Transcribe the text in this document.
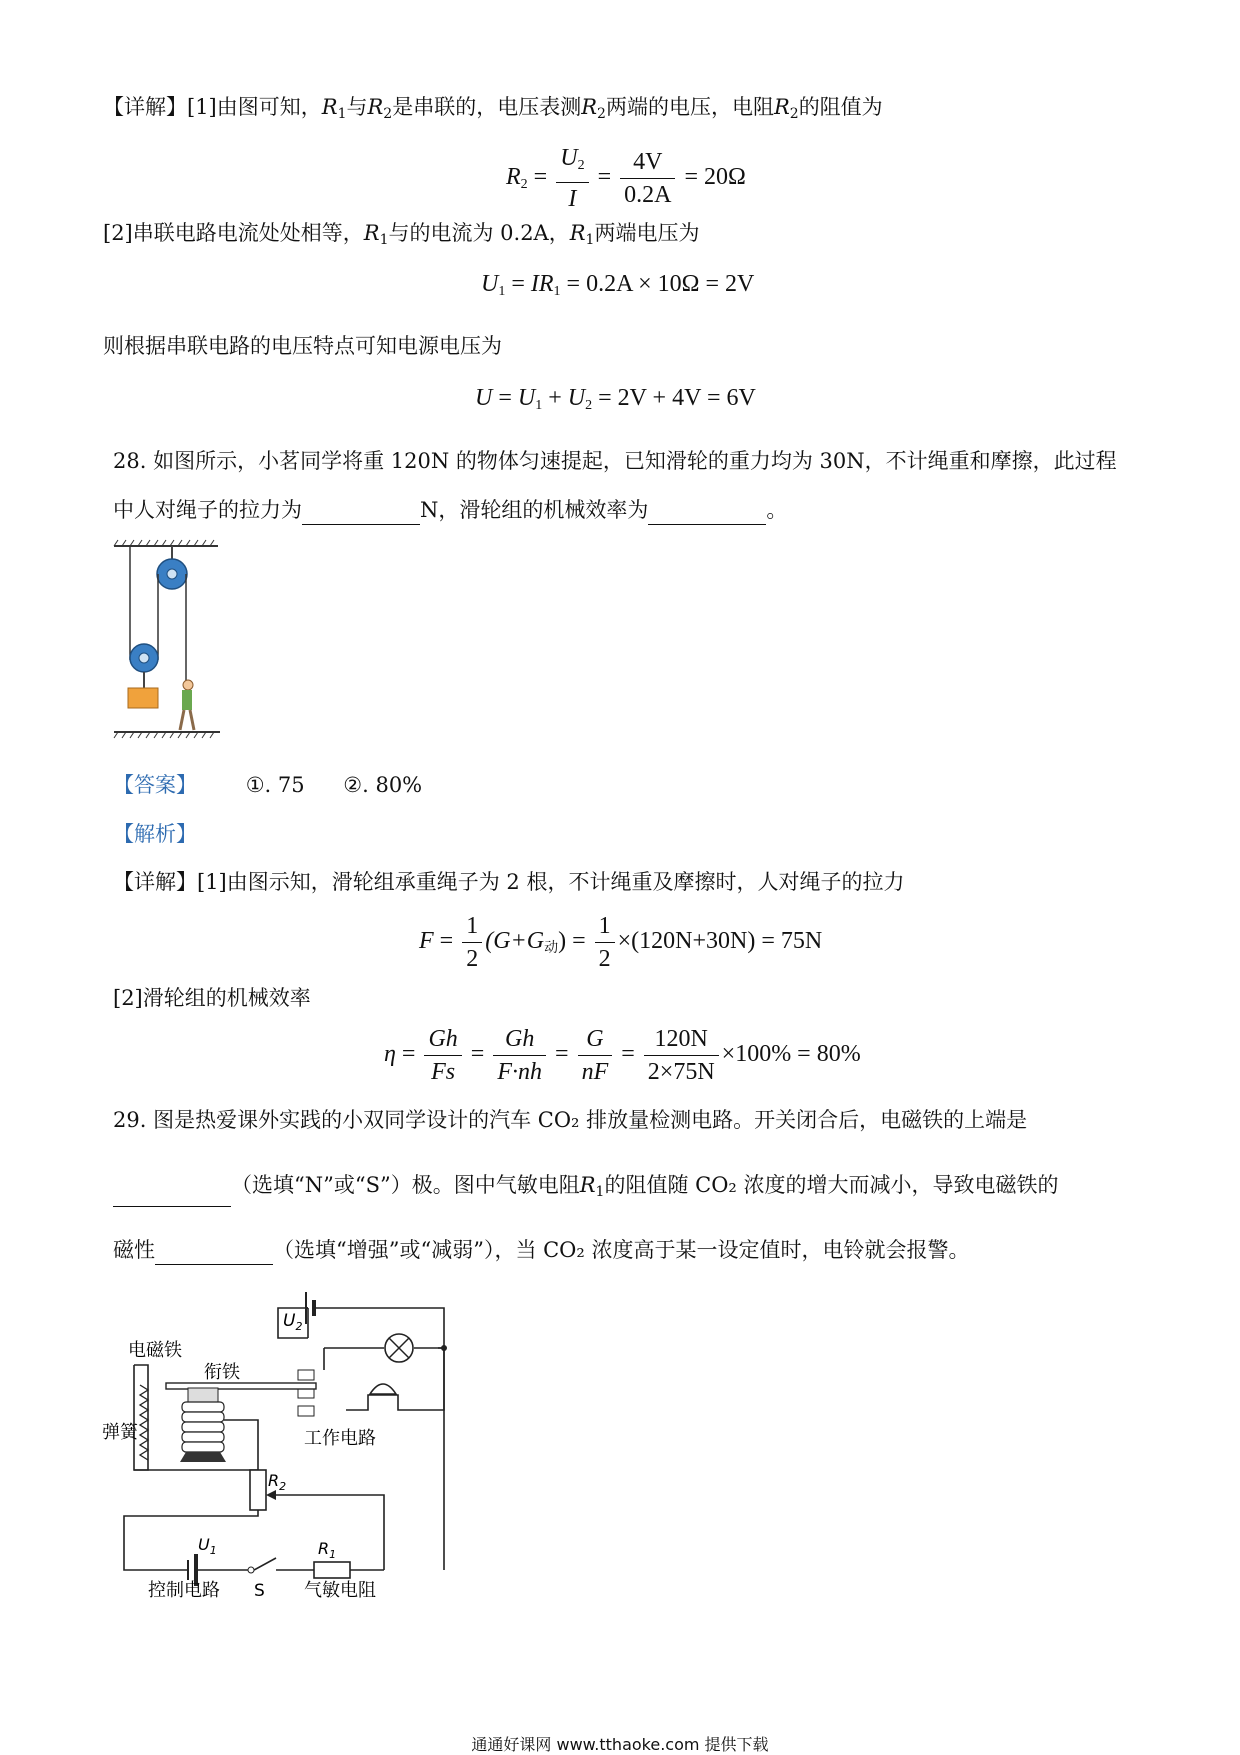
【详解】[1]由图可知，$R_1$与$R_2$是串联的，电压表测$R_2$两端的电压，电阻$R_2$的阻值为
$R_2 = \frac{U_2}{I} = \frac{4V}{0.2A} = 20\Omega$
[2]串联电路电流处处相等，$R_1$与的电流为 0.2A，$R_1$两端电压为
$U_1 = IR_1 = 0.2A \times 10\Omega = 2V$
则根据串联电路的电压特点可知电源电压为
$U = U_1 + U_2 = 2V + 4V = 6V$
28. 如图所示，小茗同学将重 120N 的物体匀速提起，已知滑轮的重力均为 30N，不计绳重和摩擦，此过程
中人对绳子的拉力为	N，滑轮组的机械效率为	。
【答案】 ①. 75 ②. 80%
【解析】
【详解】[1]由图示知，滑轮组承重绳子为 2 根，不计绳重及摩擦时，人对绳子的拉力
$F = \frac{1}{2} (G+G_动) = \frac{1}{2} \times(120N+30N) = 75N$
[2]滑轮组的机械效率
$\eta = \frac{Gh}{Fs} = \frac{Gh}{F\cdot nh} = \frac{G}{nF} = \frac{120N}{2\times 75N} \times 100\% = 80\%$
29. 图是热爱课外实践的小双同学设计的汽车 CO₂ 排放量检测电路。开关闭合后，电磁铁的上端是
（选填“N”或“S”）极。图中气敏电阻$R_1$的阻值随 CO₂ 浓度的增大而减小，导致电磁铁的
磁性	（选填“增强”或“减弱”），当 CO₂ 浓度高于某一设定值时，电铃就会报警。
$U_2$
电磁铁
衔铁
弹簧	工作电路
$R_2$
$U_1$	$R_1$
S
控制电路	气敏电阻
通通好课网 www.tthaoke.com 提供下载
